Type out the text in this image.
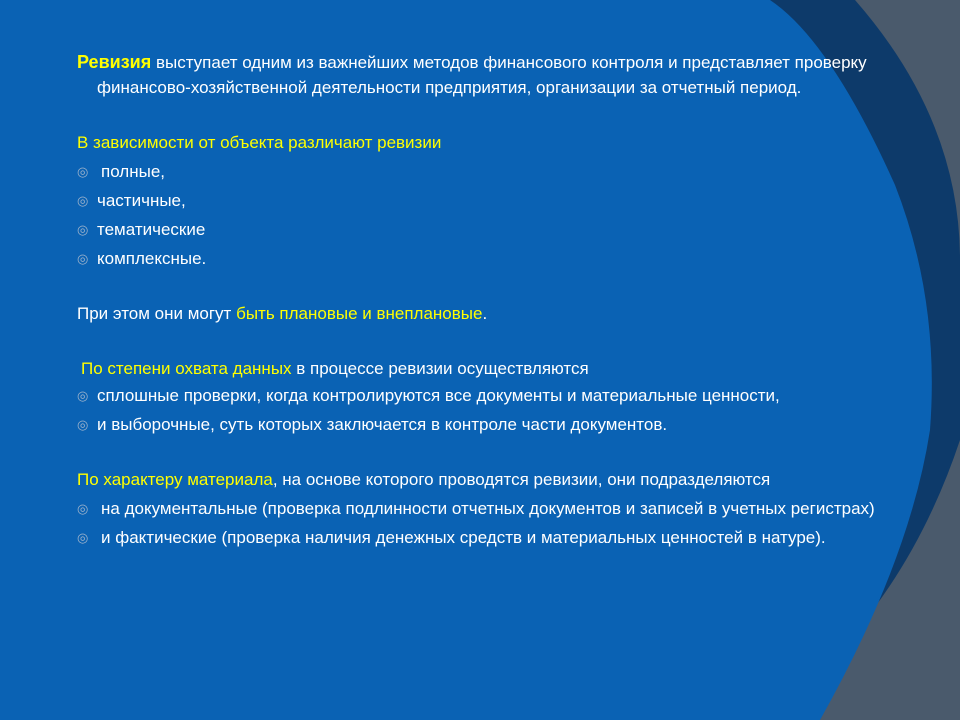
Ревизия выступает одним из важнейших методов финансового контроля и представляет проверку финансово-хозяйственной деятельности предприятия, организации за отчетный период.

В зависимости от объекта различают ревизии

◎ полные,
◎ частичные,
◎ тематические
◎ комплексные.

При этом они могут быть плановые и внеплановые.

По степени охвата данных в процессе ревизии осуществляются

◎ сплошные проверки, когда контролируются все документы и материальные ценности,
◎ и выборочные, суть которых заключается в контроле части документов.

По характеру материала, на основе которого проводятся ревизии, они подразделяются

◎ на документальные (проверка подлинности отчетных документов и записей в учетных регистрах)
◎ и фактические (проверка наличия денежных средств и материальных ценностей в натуре).
